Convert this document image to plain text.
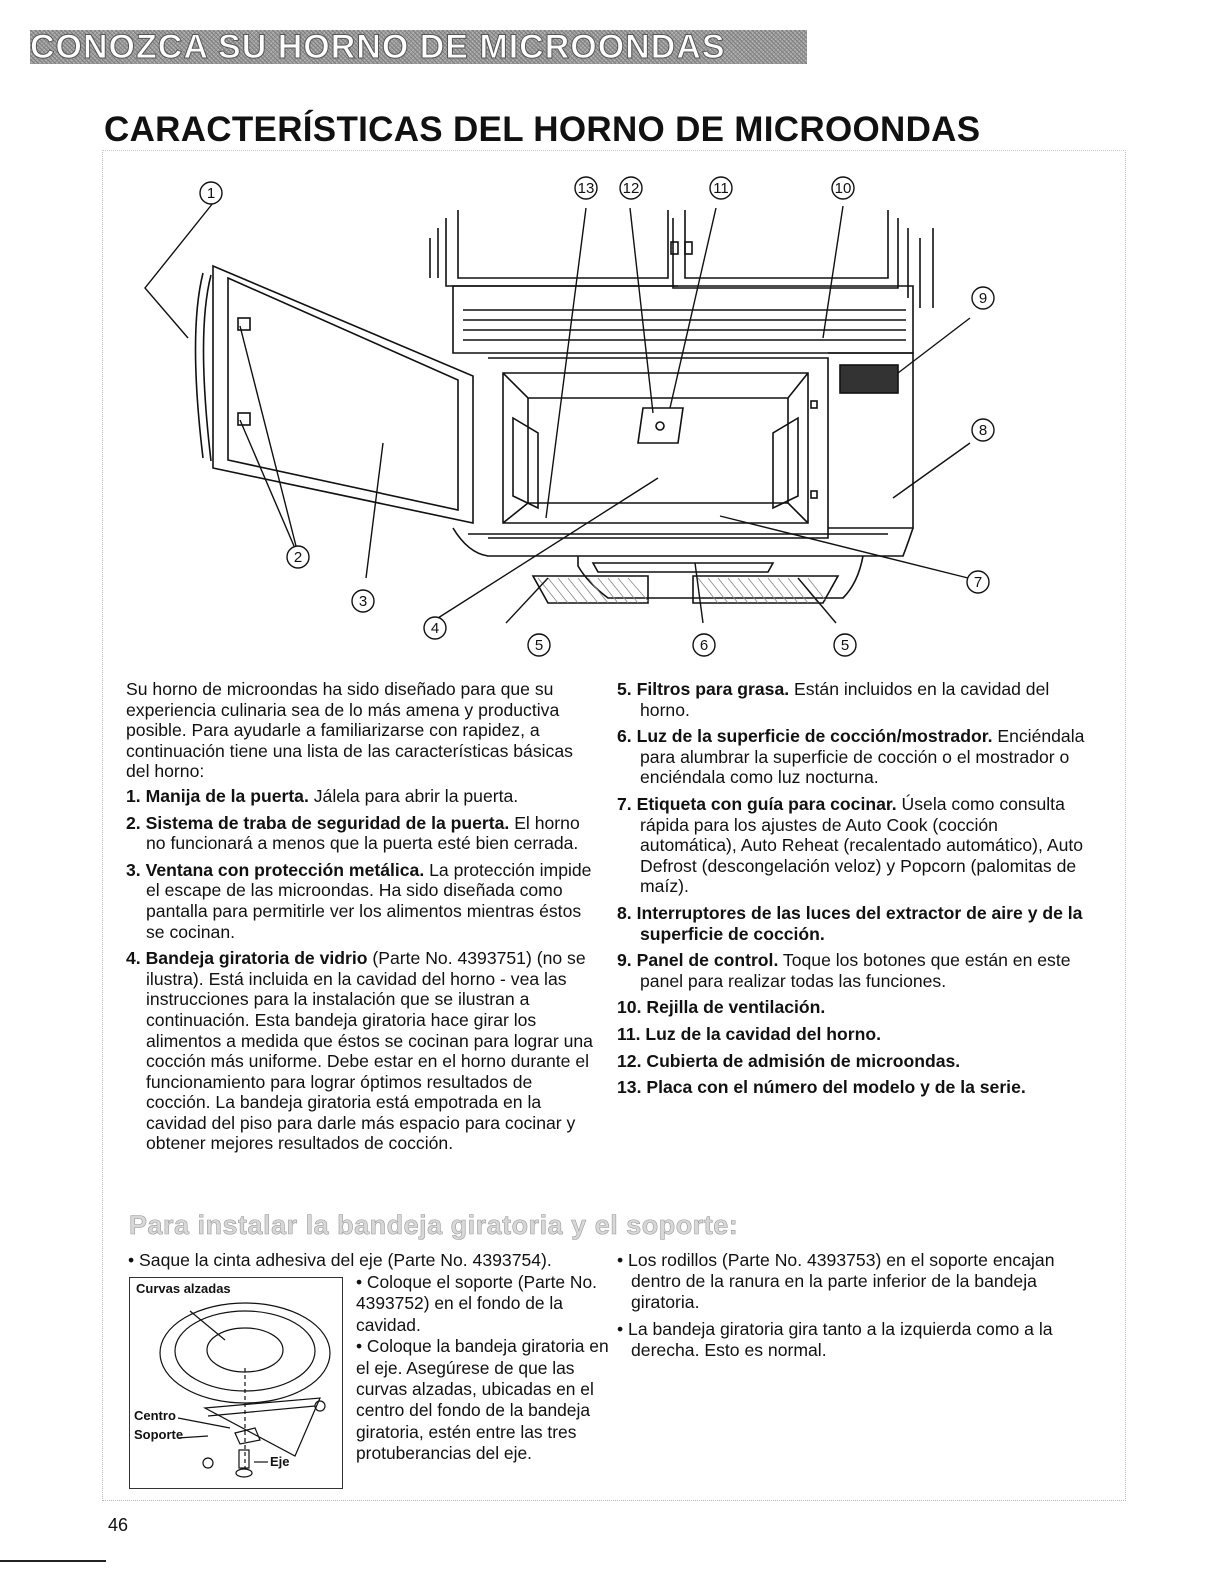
CONOZCA SU HORNO DE MICROONDAS
CARACTERÍSTICAS DEL HORNO DE MICROONDAS
1
2
3
4
5	6	5
7
8
9
10
11
12
13

Su horno de microondas ha sido diseñado para que su experiencia culinaria sea de lo más amena y productiva posible. Para ayudarle a familiarizarse con rapidez, a continuación tiene una lista de las características básicas del horno:

1. Manija de la puerta. Jálela para abrir la puerta.

2. Sistema de traba de seguridad de la puerta. El horno no funcionará a menos que la puerta esté bien cerrada.

3. Ventana con protección metálica. La protección impide el escape de las microondas. Ha sido diseñada como pantalla para permitirle ver los alimentos mientras éstos se cocinan.

4. Bandeja giratoria de vidrio (Parte No. 4393751) (no se ilustra). Está incluida en la cavidad del horno - vea las instrucciones para la instalación que se ilustran a continuación. Esta bandeja giratoria hace girar los alimentos a medida que éstos se cocinan para lograr una cocción más uniforme. Debe estar en el horno durante el funcionamiento para lograr óptimos resultados de cocción. La bandeja giratoria está empotrada en la cavidad del piso para darle más espacio para cocinar y obtener mejores resultados de cocción.

5. Filtros para grasa. Están incluidos en la cavidad del horno.

6. Luz de la superficie de cocción/mostrador. Enciéndala para alumbrar la superficie de cocción o el mostrador o enciéndala como luz nocturna.

7. Etiqueta con guía para cocinar. Úsela como consulta rápida para los ajustes de Auto Cook (cocción automática), Auto Reheat (recalentado automático), Auto Defrost (descongelación veloz) y Popcorn (palomitas de maíz).

8. Interruptores de las luces del extractor de aire y de la superficie de cocción.

9. Panel de control. Toque los botones que están en este panel para realizar todas las funciones.

10. Rejilla de ventilación.

11. Luz de la cavidad del horno.

12. Cubierta de admisión de microondas.

13. Placa con el número del modelo y de la serie.

Para instalar la bandeja giratoria y el soporte:
• Saque la cinta adhesiva del eje (Parte No. 4393754).
Curvas alzadas
Centro
Soporte
Eje

• Coloque el soporte (Parte No. 4393752) en el fondo de la cavidad.

• Coloque la bandeja giratoria en el eje. Asegúrese de que las curvas alzadas, ubicadas en el centro del fondo de la bandeja giratoria, estén entre las tres protuberancias del eje.

• Los rodillos (Parte No. 4393753) en el soporte encajan dentro de la ranura en la parte inferior de la bandeja giratoria.

• La bandeja giratoria gira tanto a la izquierda como a la derecha. Esto es normal.

46
